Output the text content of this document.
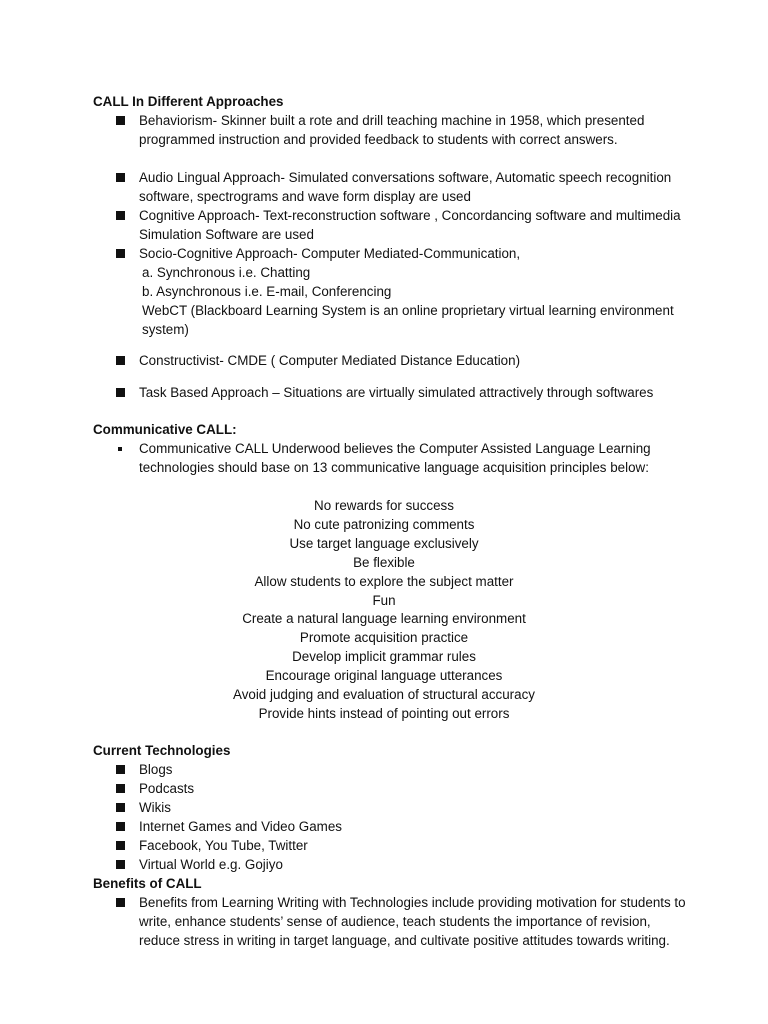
CALL In Different Approaches
Behaviorism- Skinner built a rote and drill teaching machine in 1958, which presented programmed instruction and provided feedback to students with correct answers.
Audio Lingual Approach- Simulated conversations software, Automatic speech recognition software, spectrograms and wave form display are used
Cognitive Approach- Text-reconstruction software , Concordancing software and multimedia Simulation Software are used
Socio-Cognitive Approach- Computer Mediated-Communication,
a. Synchronous i.e. Chatting
b. Asynchronous i.e. E-mail, Conferencing
WebCT (Blackboard Learning System is an online proprietary virtual learning environment system)
Constructivist- CMDE ( Computer Mediated Distance Education)
Task Based Approach – Situations are virtually simulated attractively through softwares
Communicative CALL:
Communicative CALL Underwood believes the Computer Assisted Language Learning technologies should base on 13 communicative language acquisition principles below:
No rewards for success
No cute patronizing comments
Use target language exclusively
Be flexible
Allow students to explore the subject matter
Fun
Create a natural language learning environment
Promote acquisition practice
Develop implicit grammar rules
Encourage original language utterances
Avoid judging and evaluation of structural accuracy
Provide hints instead of pointing out errors
Current Technologies
Blogs
Podcasts
Wikis
Internet Games and Video Games
Facebook, You Tube, Twitter
Virtual World e.g. Gojiyo
Benefits of CALL
Benefits from Learning Writing with Technologies include providing motivation for students to write, enhance students’ sense of audience, teach students the importance of revision, reduce stress in writing in target language, and cultivate positive attitudes towards writing.
